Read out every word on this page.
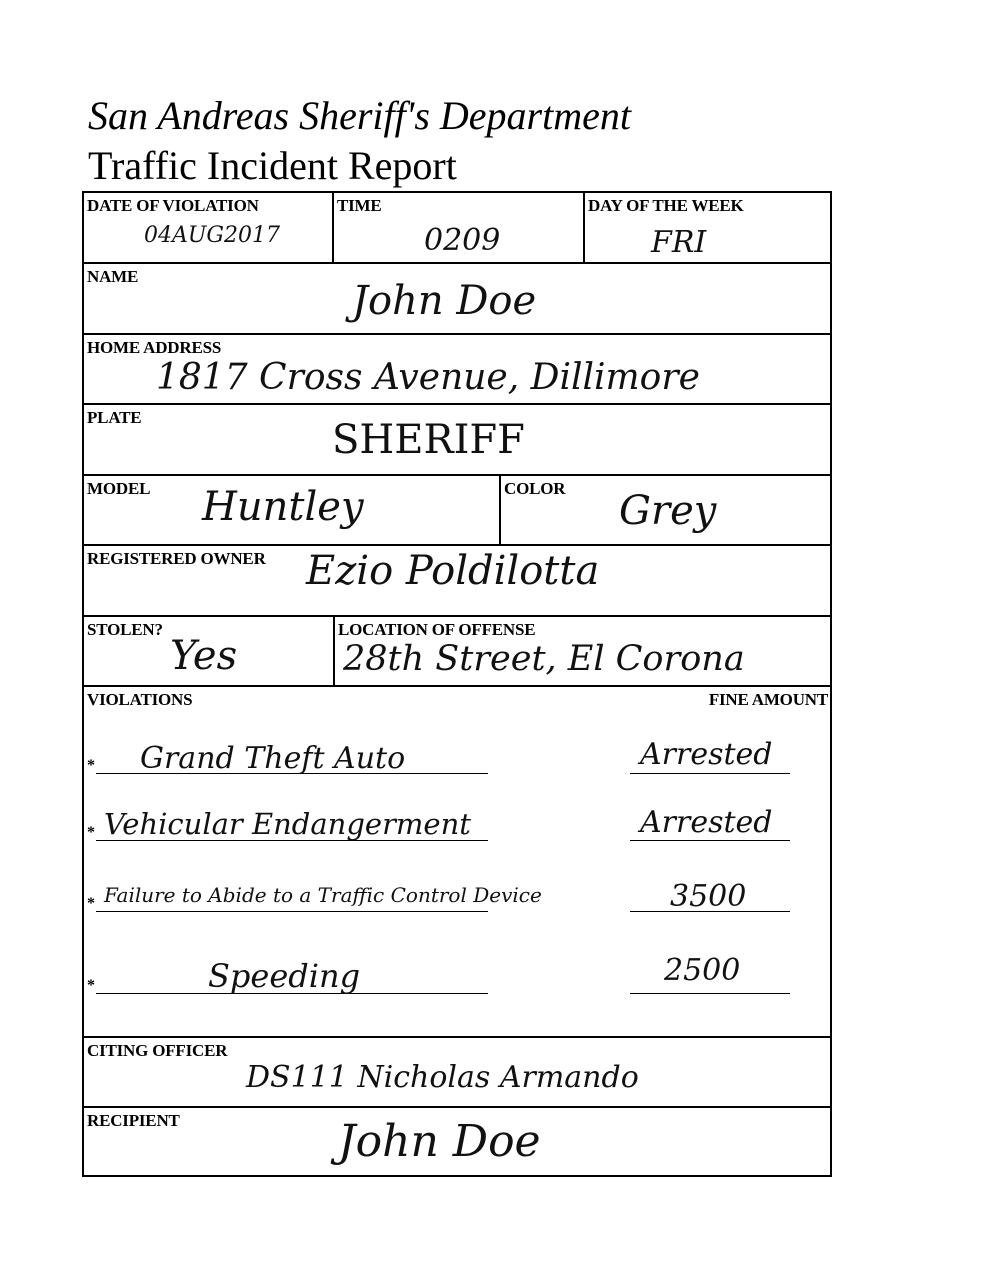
San Andreas Sheriff's Department
Traffic Incident Report
DATE OF VIOLATION
04AUG2017
TIME
0209
DAY OF THE WEEK
FRI
NAME
John Doe
HOME ADDRESS
1817 Cross Avenue, Dillimore
PLATE	SHERIFF
MODEL Huntley	COLOR Grey
REGISTERED OWNER Ezio Poldilotta
STOLEN?
Yes
LOCATION OF OFFENSE
28th Street, El Corona
VIOLATIONS	FINE AMOUNT
* Grand Theft Auto	Arrested
* Vehicular Endangerment	Arrested
* Failure to Abide to a Traffic Control Device	3500
*	Speeding	2500
CITING OFFICER
DS111 Nicholas Armando
RECIPIENT	John Doe
